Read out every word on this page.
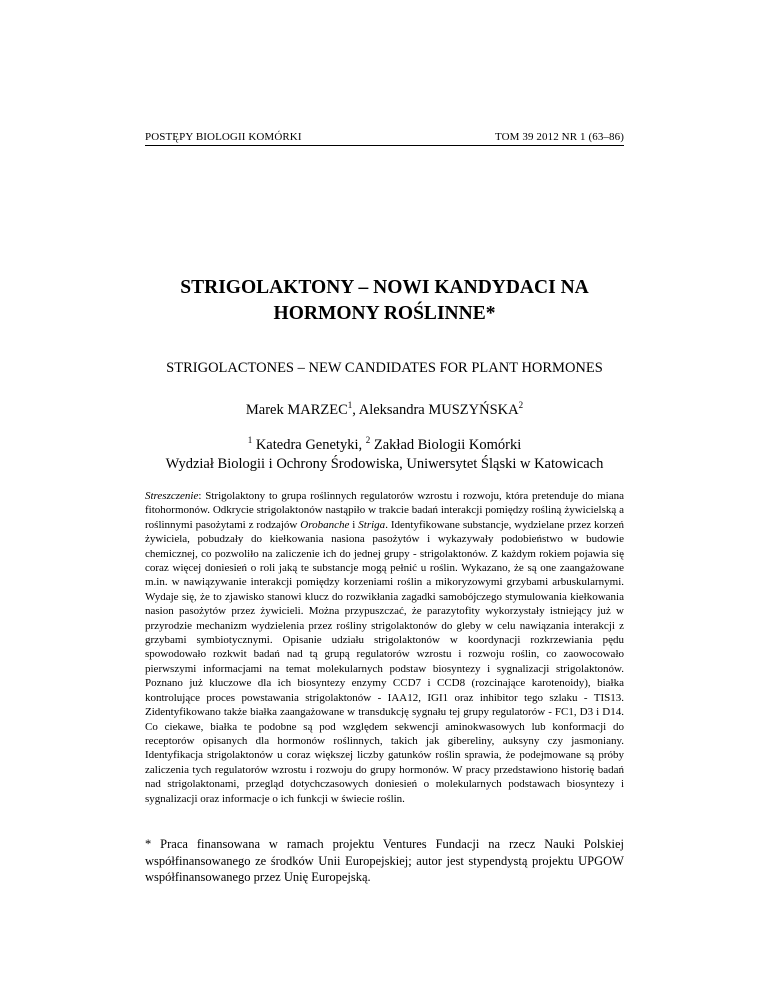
POSTĘPY BIOLOGII KOMÓRKI	TOM 39 2012 NR 1 (63–86)
STRIGOLAKTONY – NOWI KANDYDACI NA
HORMONY ROŚLINNE*
STRIGOLACTONES – NEW CANDIDATES FOR PLANT HORMONES
Marek MARZEC$^1$, Aleksandra MUSZYŃSKA$^2$
$^1$ Katedra Genetyki, $^2$ Zakład Biologii Komórki
Wydział Biologii i Ochrony Środowiska, Uniwersytet Śląski w Katowicach
Streszczenie: Strigolaktony to grupa roślinnych regulatorów wzrostu i rozwoju, która pretenduje do miana fitohormonów. Odkrycie strigolaktonów nastąpiło w trakcie badań interakcji pomiędzy rośliną żywicielską a roślinnymi pasożytami z rodzajów Orobanche i Striga. Identyfikowane substancje, wydzielane przez korzeń żywiciela, pobudzały do kiełkowania nasiona pasożytów i wykazywały podobieństwo w budowie chemicznej, co pozwoliło na zaliczenie ich do jednej grupy - strigolaktonów. Z każdym rokiem pojawia się coraz więcej doniesień o roli jaką te substancje mogą pełnić u roślin. Wykazano, że są one zaangażowane m.in. w nawiązywanie interakcji pomiędzy korzeniami roślin a mikoryzowymi grzybami arbuskularnymi. Wydaje się, że to zjawisko stanowi klucz do rozwikłania zagadki samobójczego stymulowania kiełkowania nasion pasożytów przez żywicieli. Można przypuszczać, że parazytofity wykorzystały istniejący już w przyrodzie mechanizm wydzielenia przez rośliny strigolaktonów do gleby w celu nawiązania interakcji z grzybami symbiotycznymi. Opisanie udziału strigolaktonów w koordynacji rozkrzewiania pędu spowodowało rozkwit badań nad tą grupą regulatorów wzrostu i rozwoju roślin, co zaowocowało pierwszymi informacjami na temat molekularnych podstaw biosyntezy i sygnalizacji strigolaktonów. Poznano już kluczowe dla ich biosyntezy enzymy CCD7 i CCD8 (rozcinające karotenoidy), białka kontrolujące proces powstawania strigolaktonów - IAA12, IGI1 oraz inhibitor tego szlaku - TIS13. Zidentyfikowano także białka zaangażowane w transdukcję sygnału tej grupy regulatorów - FC1, D3 i D14. Co ciekawe, białka te podobne są pod względem sekwencji aminokwasowych lub konformacji do receptorów opisanych dla hormonów roślinnych, takich jak gibereliny, auksyny czy jasmoniany. Identyfikacja strigolaktonów u coraz większej liczby gatunków roślin sprawia, że podejmowane są próby zaliczenia tych regulatorów wzrostu i rozwoju do grupy hormonów. W pracy przedstawiono historię badań nad strigolaktonami, przegląd dotychczasowych doniesień o molekularnych podstawach biosyntezy i sygnalizacji oraz informacje o ich funkcji w świecie roślin.
* Praca finansowana w ramach projektu Ventures Fundacji na rzecz Nauki Polskiej współfinansowanego ze środków Unii Europejskiej; autor jest stypendystą projektu UPGOW współfinansowanego przez Unię Europejską.
